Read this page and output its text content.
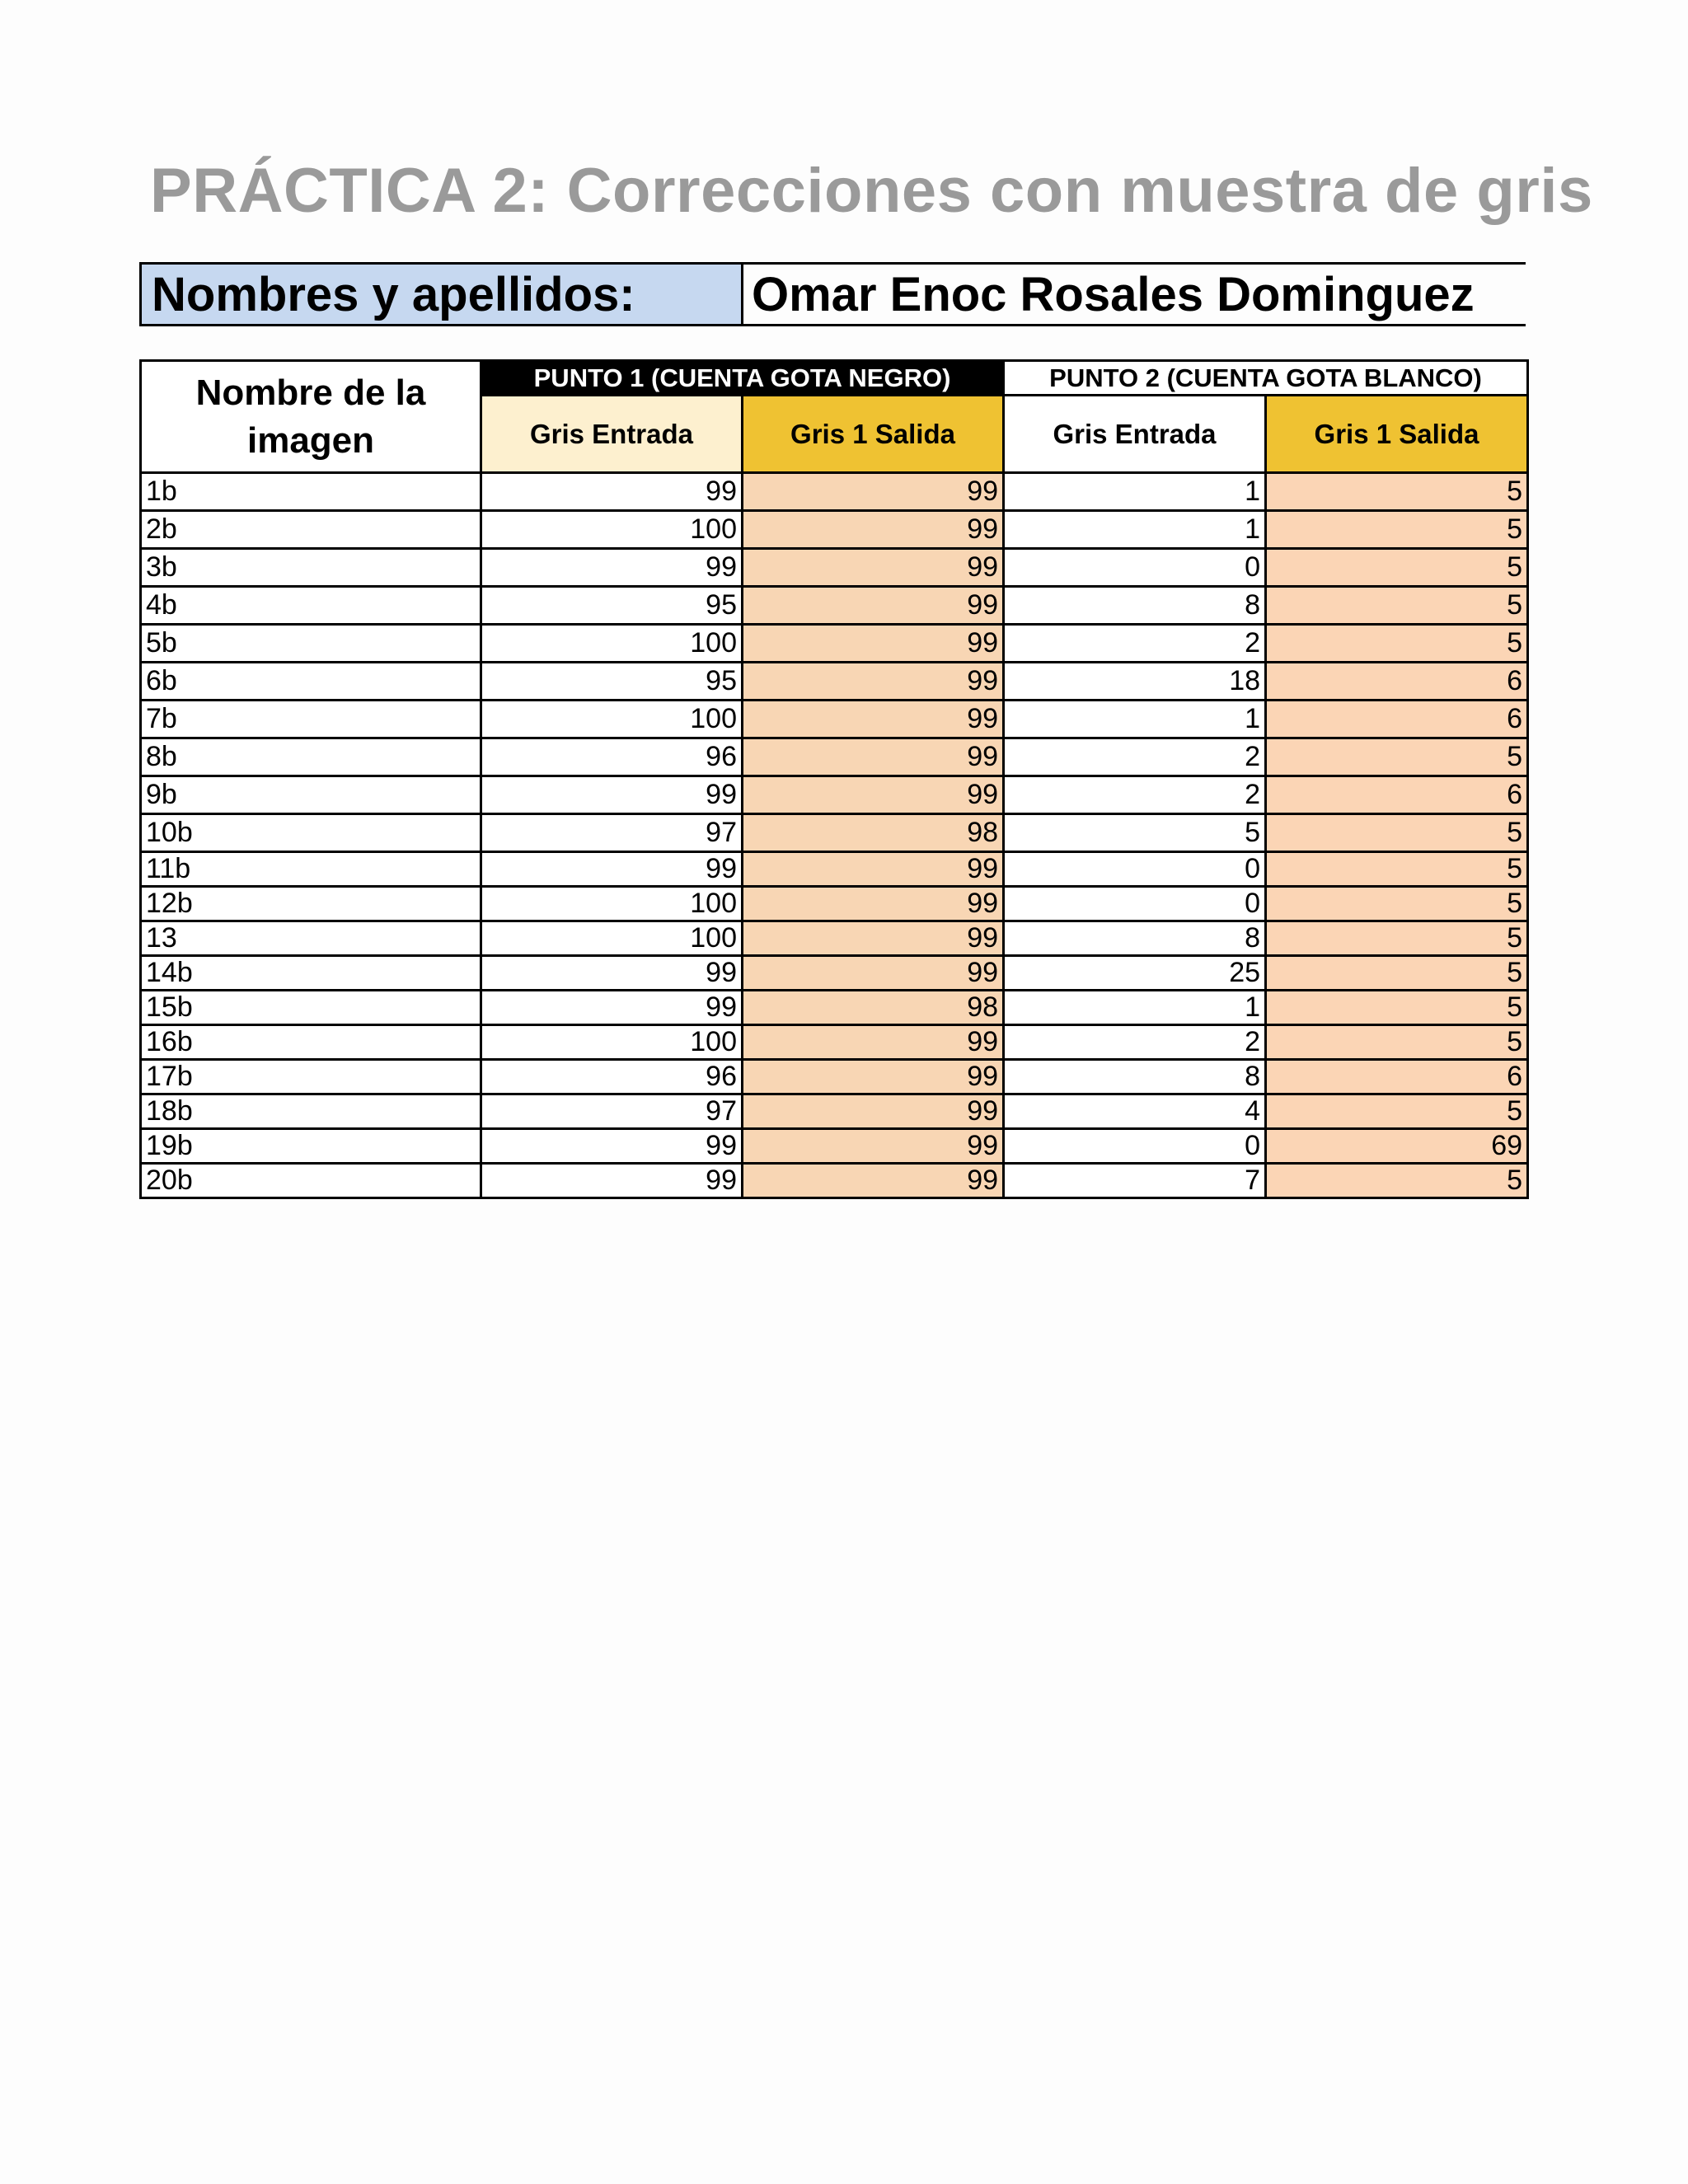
PRÁCTICA 2: Correcciones con muestra de gris
Nombres y apellidos:	Omar Enoc Rosales Dominguez
Nombre de la imagen	PUNTO 1 (CUENTA GOTA NEGRO)		PUNTO 2 (CUENTA GOTA BLANCO)	
	Gris Entrada	Gris 1 Salida	Gris Entrada	Gris 1 Salida
1b	99	99	1	5
2b	100	99	1	5
3b	99	99	0	5
4b	95	99	8	5
5b	100	99	2	5
6b	95	99	18	6
7b	100	99	1	6
8b	96	99	2	5
9b	99	99	2	6
10b	97	98	5	5
11b	99	99	0	5
12b	100	99	0	5
13	100	99	8	5
14b	99	99	25	5
15b	99	98	1	5
16b	100	99	2	5
17b	96	99	8	6
18b	97	99	4	5
19b	99	99	0	69
20b	99	99	7	5
